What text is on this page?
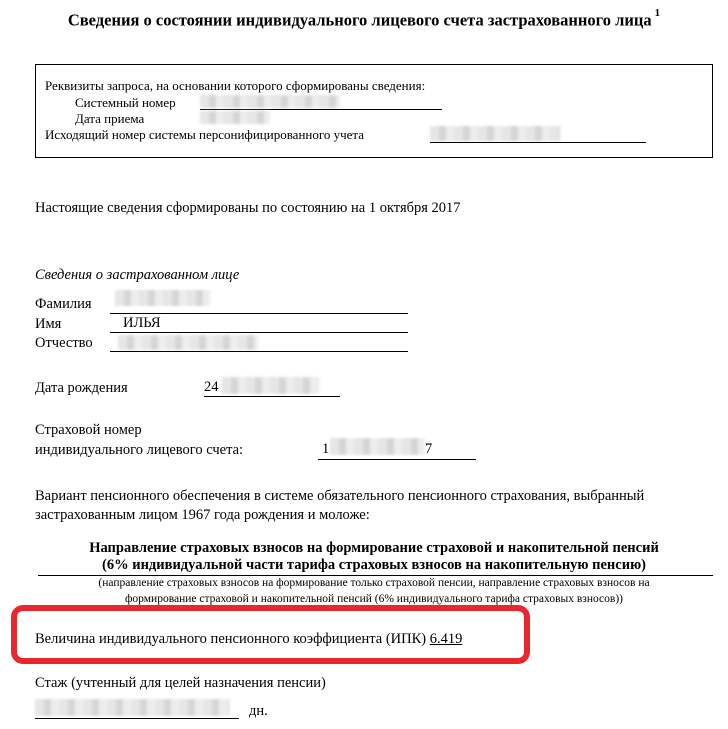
Сведения о состоянии индивидуального лицевого счета застрахованного лица $^1$
Реквизиты запроса, на основании которого сформированы сведения:
Системный номер
Дата приема
Исходящий номер системы персонифицированного учета
Настоящие сведения сформированы по состоянию на 1 октября 2017
Сведения о застрахованном лице
Фамилия
Имя	ИЛЬЯ
Отчество
Дата рождения	24
Страховой номер
индивидуального лицевого счета:	1	7
Вариант пенсионного обеспечения в системе обязательного пенсионного страхования, выбранный
застрахованным лицом 1967 года рождения и моложе:
Направление страховых взносов на формирование страховой и накопительной пенсий
(6% индивидуальной части тарифа страховых взносов на накопительную пенсию)
(направление страховых взносов на формирование только страховой пенсии, направление страховых взносов на
формирование страховой и накопительной пенсий (6% индивидуального тарифа страховых взносов))
Величина индивидуального пенсионного коэффициента (ИПК) 6.419
Стаж (учтенный для целей назначения пенсии)
дн.
